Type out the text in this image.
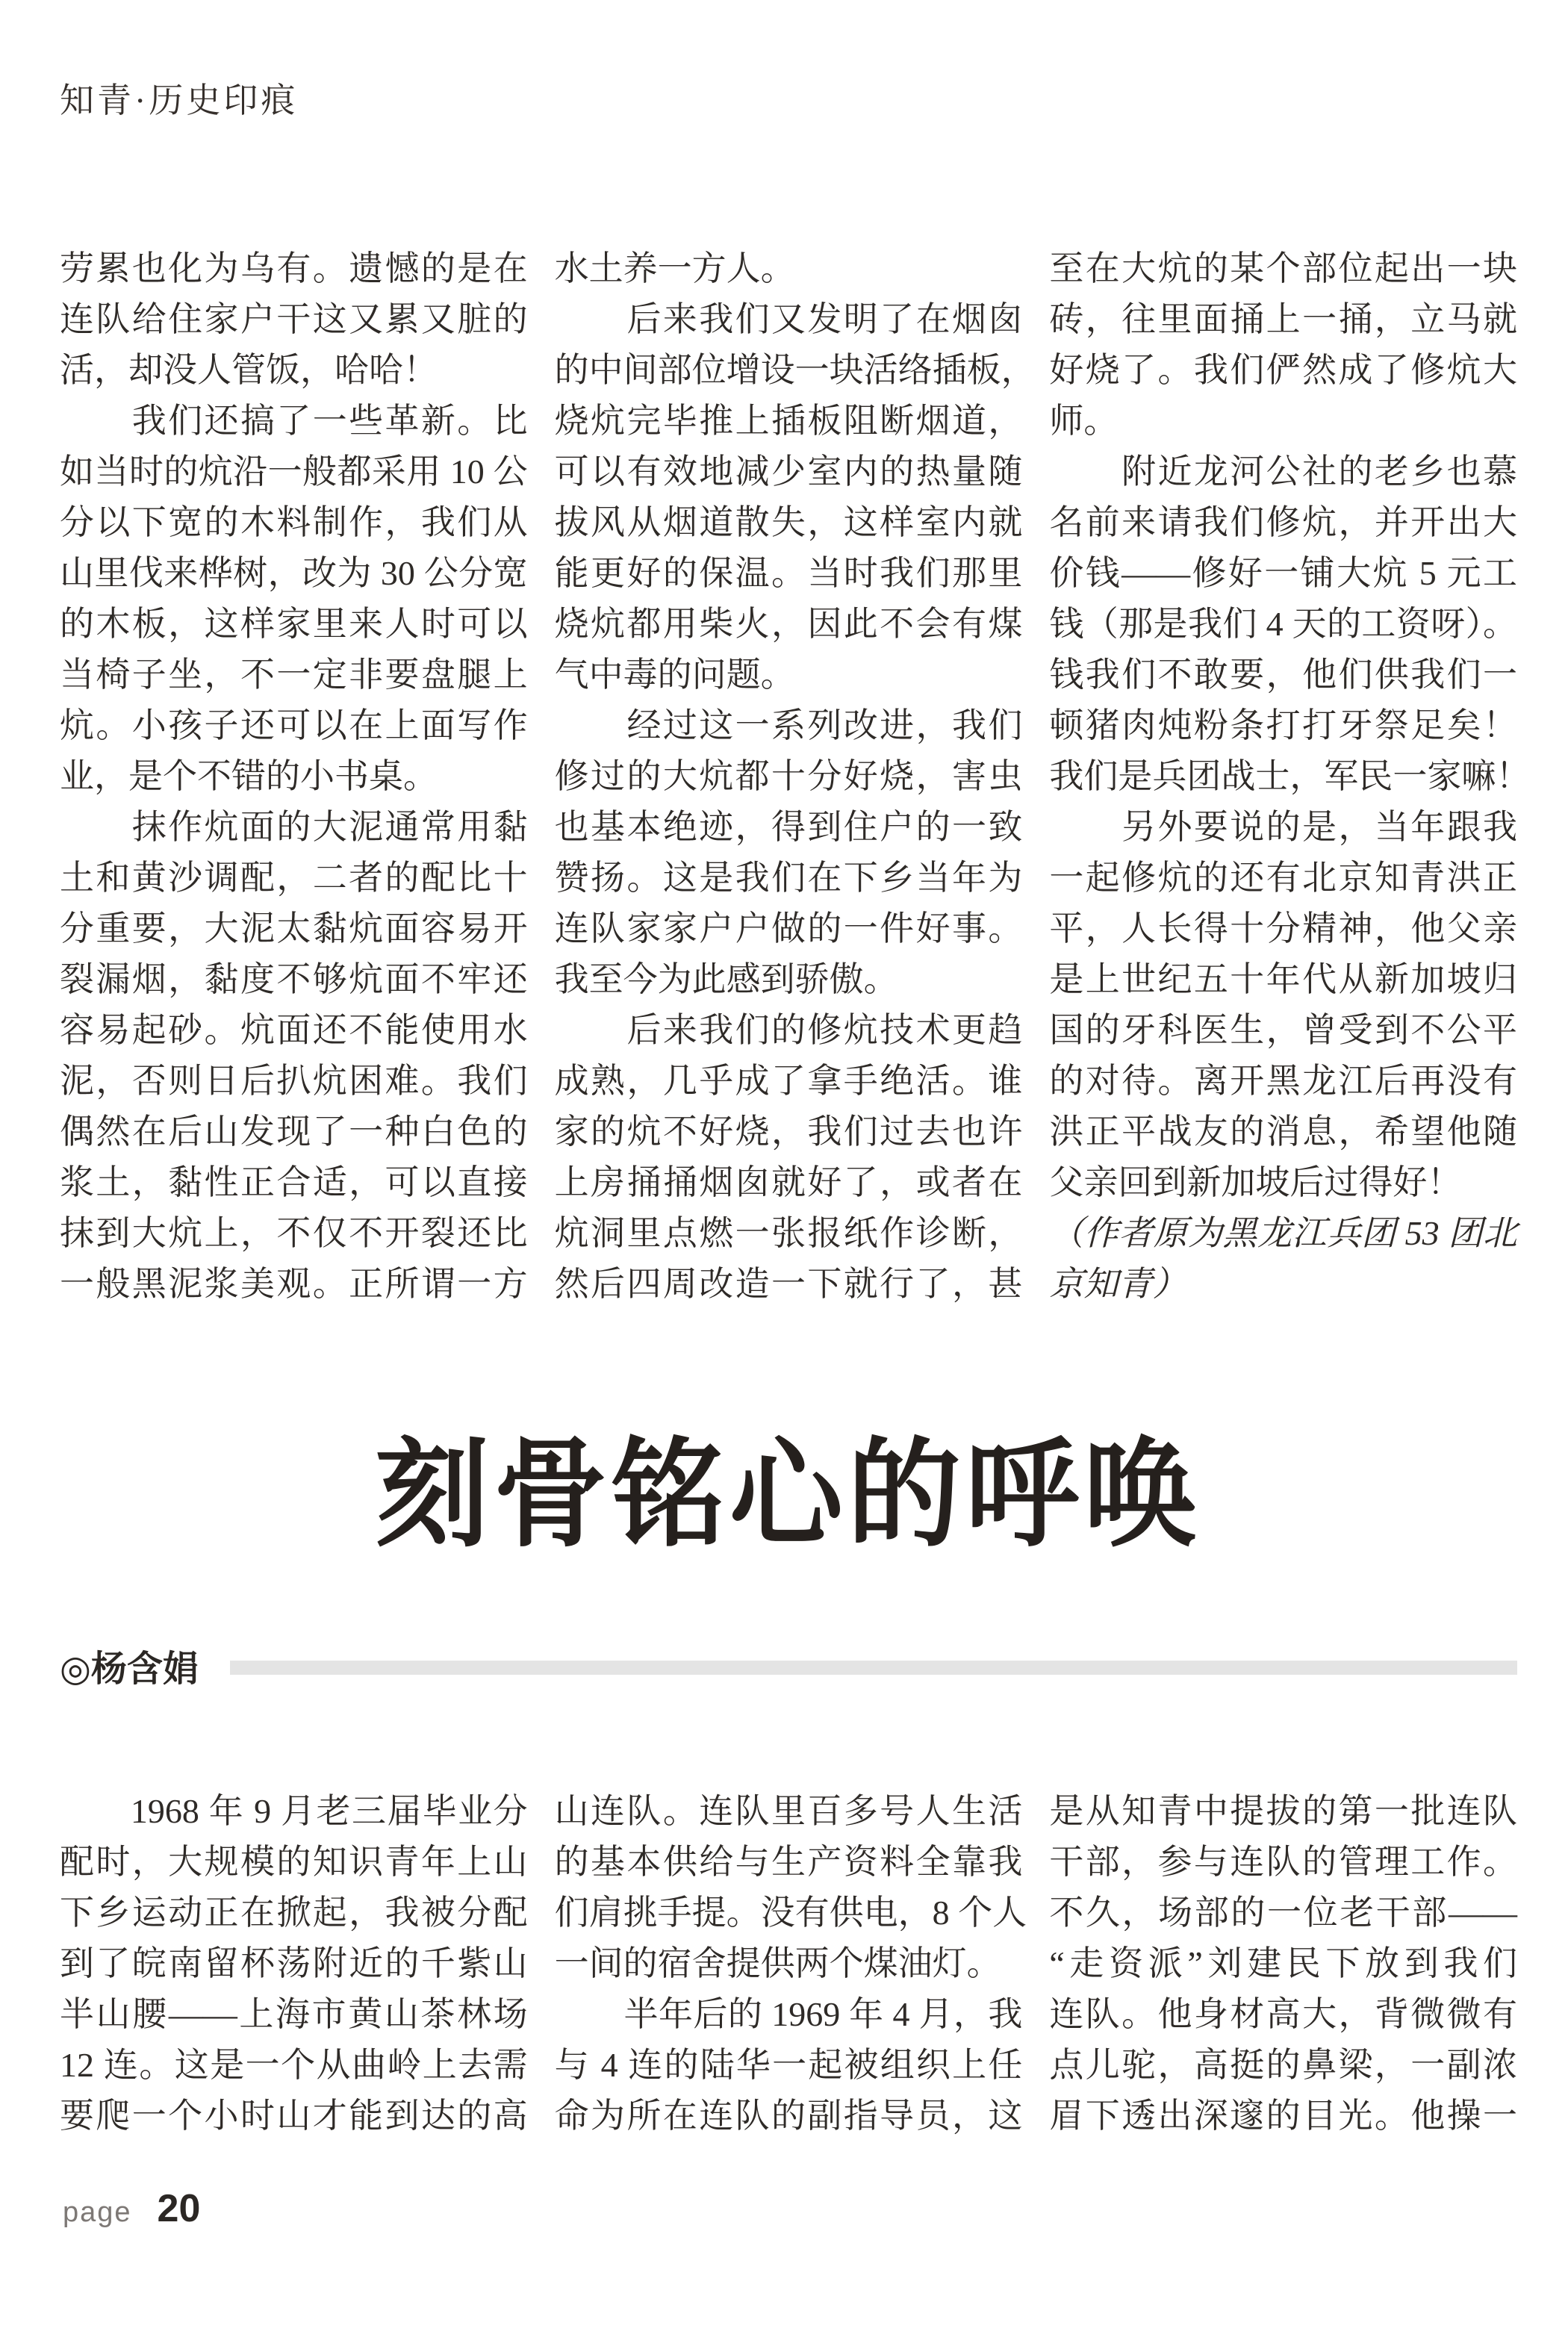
知青·历史印痕
劳累也化为乌有。遗憾的是在
连队给住家户干这又累又脏的
活，却没人管饭，哈哈！
　　我们还搞了一些革新。比
如当时的炕沿一般都采用 10 公
分以下宽的木料制作，我们从
山里伐来桦树，改为 30 公分宽
的木板，这样家里来人时可以
当椅子坐，不一定非要盘腿上
炕。小孩子还可以在上面写作
业，是个不错的小书桌。
　　抹作炕面的大泥通常用黏
土和黄沙调配，二者的配比十
分重要，大泥太黏炕面容易开
裂漏烟，黏度不够炕面不牢还
容易起砂。炕面还不能使用水
泥，否则日后扒炕困难。我们
偶然在后山发现了一种白色的
浆土，黏性正合适，可以直接
抹到大炕上，不仅不开裂还比
一般黑泥浆美观。正所谓一方
水土养一方人。
　　后来我们又发明了在烟囱
的中间部位增设一块活络插板，
烧炕完毕推上插板阻断烟道，
可以有效地减少室内的热量随
拔风从烟道散失，这样室内就
能更好的保温。当时我们那里
烧炕都用柴火，因此不会有煤
气中毒的问题。
　　经过这一系列改进，我们
修过的大炕都十分好烧，害虫
也基本绝迹，得到住户的一致
赞扬。这是我们在下乡当年为
连队家家户户做的一件好事。
我至今为此感到骄傲。
　　后来我们的修炕技术更趋
成熟，几乎成了拿手绝活。谁
家的炕不好烧，我们过去也许
上房捅捅烟囱就好了，或者在
炕洞里点燃一张报纸作诊断，
然后四周改造一下就行了，甚
至在大炕的某个部位起出一块
砖，往里面捅上一捅，立马就
好烧了。我们俨然成了修炕大
师。
　　附近龙河公社的老乡也慕
名前来请我们修炕，并开出大
价钱——修好一铺大炕 5 元工
钱（那是我们 4 天的工资呀）。
钱我们不敢要，他们供我们一
顿猪肉炖粉条打打牙祭足矣！
我们是兵团战士，军民一家嘛！
　　另外要说的是，当年跟我
一起修炕的还有北京知青洪正
平，人长得十分精神，他父亲
是上世纪五十年代从新加坡归
国的牙科医生，曾受到不公平
的对待。离开黑龙江后再没有
洪正平战友的消息，希望他随
父亲回到新加坡后过得好！
（作者原为黑龙江兵团 53 团北
京知青）
刻骨铭心的呼唤
◎杨含娟
　　1968 年 9 月老三届毕业分
配时，大规模的知识青年上山
下乡运动正在掀起，我被分配
到了皖南留杯荡附近的千紫山
半山腰——上海市黄山茶林场
12 连。这是一个从曲岭上去需
要爬一个小时山才能到达的高
山连队。连队里百多号人生活
的基本供给与生产资料全靠我
们肩挑手提。没有供电，8 个人
一间的宿舍提供两个煤油灯。
　　半年后的 1969 年 4 月，我
与 4 连的陆华一起被组织上任
命为所在连队的副指导员，这
是从知青中提拔的第一批连队
干部，参与连队的管理工作。
不久，场部的一位老干部——
“走资派”刘建民下放到我们
连队。他身材高大，背微微有
点儿驼，高挺的鼻梁，一副浓
眉下透出深邃的目光。他操一
page 20
